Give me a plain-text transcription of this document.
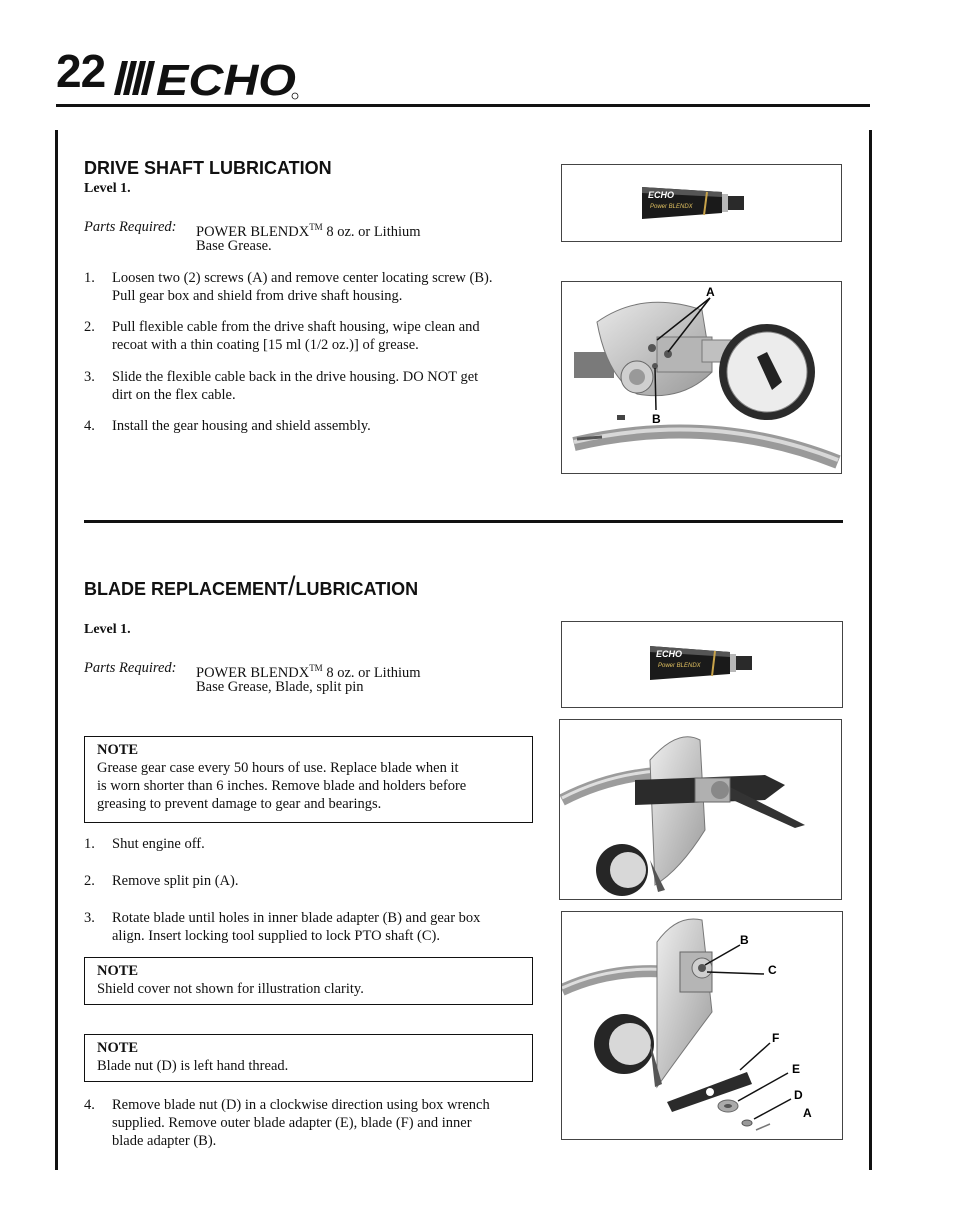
22 ECHO
DRIVE SHAFT LUBRICATION
Level 1.
Parts Required: POWER BLENDX™ 8 oz. or Lithium
Base Grease.
1. Loosen two (2) screws (A) and remove center locating screw (B).
Pull gear box and shield from drive shaft housing.
2. Pull flexible cable from the drive shaft housing, wipe clean and
recoat with a thin coating [15 ml (1/2 oz.)] of grease.
3. Slide the flexible cable back in the drive housing. DO NOT get
dirt on the flex cable.
4. Install the gear housing and shield assembly.
ECHO
Power BLENDX
A
B
BLADE REPLACEMENT/LUBRICATION
Level 1.
Parts Required: POWER BLENDX™ 8 oz. or Lithium
Base Grease, Blade, split pin
NOTE
Grease gear case every 50 hours of use. Replace blade when it
is worn shorter than 6 inches. Remove blade and holders before
greasing to prevent damage to gear and bearings.
1. Shut engine off.
2. Remove split pin (A).
3. Rotate blade until holes in inner blade adapter (B) and gear box
align. Insert locking tool supplied to lock PTO shaft (C).
NOTE
Shield cover not shown for illustration clarity.
NOTE
Blade nut (D) is left hand thread.
4. Remove blade nut (D) in a clockwise direction using box wrench
supplied. Remove outer blade adapter (E), blade (F) and inner
blade adapter (B).
ECHO
Power BLENDX
B
C
F
E
D
A
